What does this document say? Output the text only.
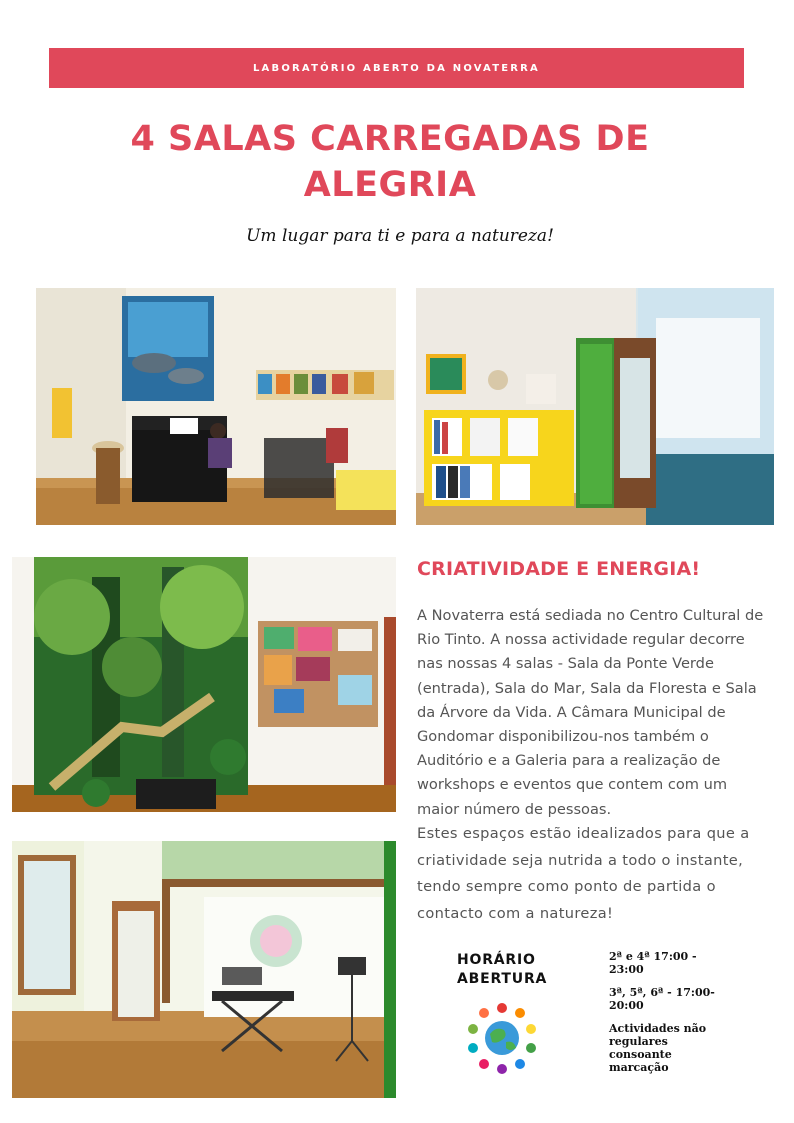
LABORATÓRIO ABERTO DA NOVATERRA
4 SALAS CARREGADAS DE
ALEGRIA
Um lugar para ti e para a natureza!
CRIATIVIDADE E ENERGIA!
A Novaterra está sediada no Centro Cultural de Rio Tinto. A nossa actividade regular decorre nas nossas 4 salas - Sala da Ponte Verde (entrada), Sala do Mar, Sala da Floresta e Sala da Árvore da Vida. A Câmara Municipal de Gondomar disponibilizou-nos também o Auditório e a Galeria para a realização de workshops e eventos que contem com um maior número de pessoas.
Estes espaços estão idealizados para que a criatividade seja nutrida a todo o instante, tendo sempre como ponto de partida o contacto com a natureza!
HORÁRIO
ABERTURA
2ª e 4ª 17:00 - 23:00
3ª, 5ª, 6ª - 17:00-20:00
Actividades não regulares consoante marcação
